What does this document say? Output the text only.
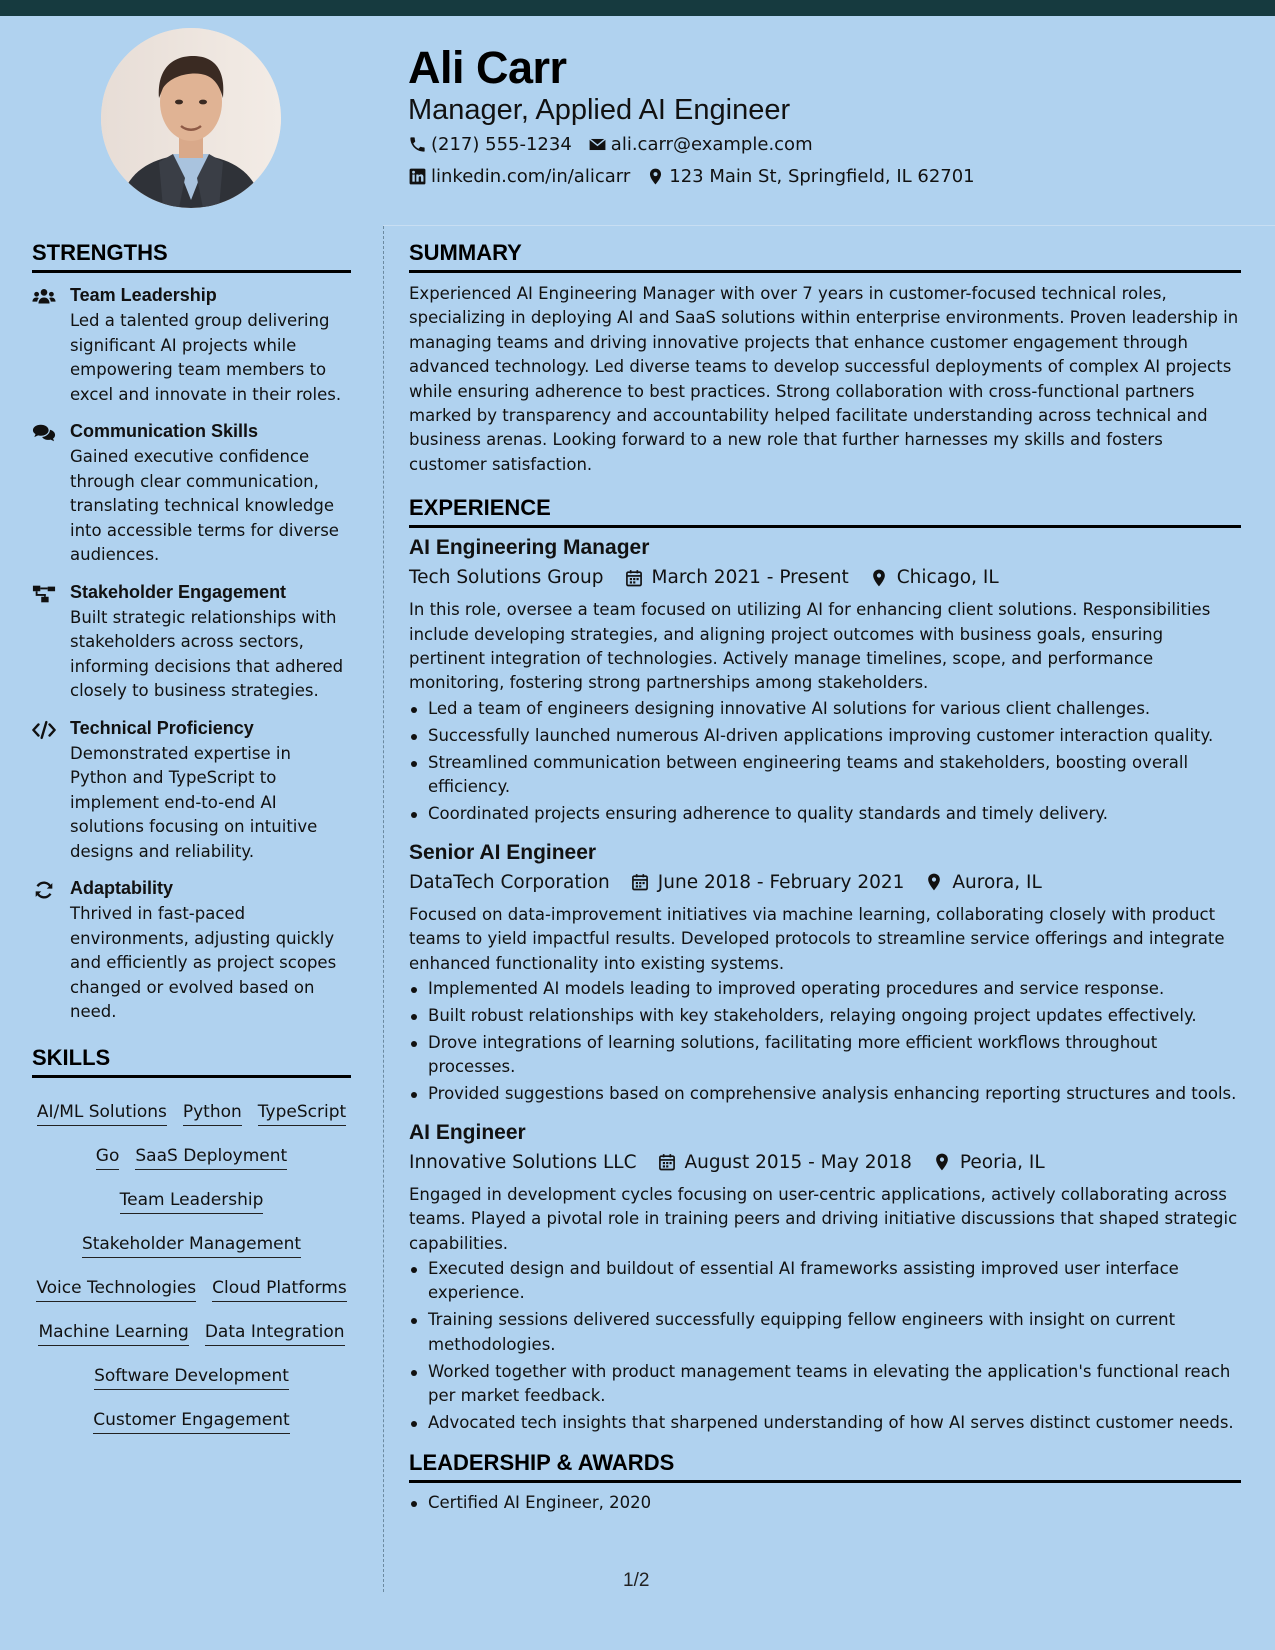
Ali Carr
Manager, Applied AI Engineer
(217) 555-1234 ali.carr@example.com
linkedin.com/in/alicarr 123 Main St, Springfield, IL 62701
STRENGTHS
Team Leadership
Led a talented group delivering significant AI projects while empowering team members to excel and innovate in their roles.
Communication Skills
Gained executive confidence through clear communication, translating technical knowledge into accessible terms for diverse audiences.
Stakeholder Engagement
Built strategic relationships with stakeholders across sectors, informing decisions that adhered closely to business strategies.
Technical Proficiency
Demonstrated expertise in Python and TypeScript to implement end-to-end AI solutions focusing on intuitive designs and reliability.
Adaptability
Thrived in fast-paced environments, adjusting quickly and efficiently as project scopes changed or evolved based on need.
SKILLS
AI/ML Solutions Python TypeScript
Go SaaS Deployment
Team Leadership
Stakeholder Management
Voice Technologies Cloud Platforms
Machine Learning Data Integration
Software Development
Customer Engagement
SUMMARY
Experienced AI Engineering Manager with over 7 years in customer-focused technical roles, specializing in deploying AI and SaaS solutions within enterprise environments. Proven leadership in managing teams and driving innovative projects that enhance customer engagement through advanced technology. Led diverse teams to develop successful deployments of complex AI projects while ensuring adherence to best practices. Strong collaboration with cross-functional partners marked by transparency and accountability helped facilitate understanding across technical and business arenas. Looking forward to a new role that further harnesses my skills and fosters customer satisfaction.
EXPERIENCE
AI Engineering Manager
Tech Solutions Group	March 2021 - Present	Chicago, IL
In this role, oversee a team focused on utilizing AI for enhancing client solutions. Responsibilities include developing strategies, and aligning project outcomes with business goals, ensuring pertinent integration of technologies. Actively manage timelines, scope, and performance monitoring, fostering strong partnerships among stakeholders.
Led a team of engineers designing innovative AI solutions for various client challenges.
Successfully launched numerous AI-driven applications improving customer interaction quality.
Streamlined communication between engineering teams and stakeholders, boosting overall efficiency.
Coordinated projects ensuring adherence to quality standards and timely delivery.
Senior AI Engineer
DataTech Corporation	June 2018 - February 2021	Aurora, IL
Focused on data-improvement initiatives via machine learning, collaborating closely with product teams to yield impactful results. Developed protocols to streamline service offerings and integrate enhanced functionality into existing systems.
Implemented AI models leading to improved operating procedures and service response.
Built robust relationships with key stakeholders, relaying ongoing project updates effectively.
Drove integrations of learning solutions, facilitating more efficient workflows throughout processes.
Provided suggestions based on comprehensive analysis enhancing reporting structures and tools.
AI Engineer
Innovative Solutions LLC	August 2015 - May 2018	Peoria, IL
Engaged in development cycles focusing on user-centric applications, actively collaborating across teams. Played a pivotal role in training peers and driving initiative discussions that shaped strategic capabilities.
Executed design and buildout of essential AI frameworks assisting improved user interface experience.
Training sessions delivered successfully equipping fellow engineers with insight on current methodologies.
Worked together with product management teams in elevating the application's functional reach per market feedback.
Advocated tech insights that sharpened understanding of how AI serves distinct customer needs.
LEADERSHIP & AWARDS
Certified AI Engineer, 2020
1/2
